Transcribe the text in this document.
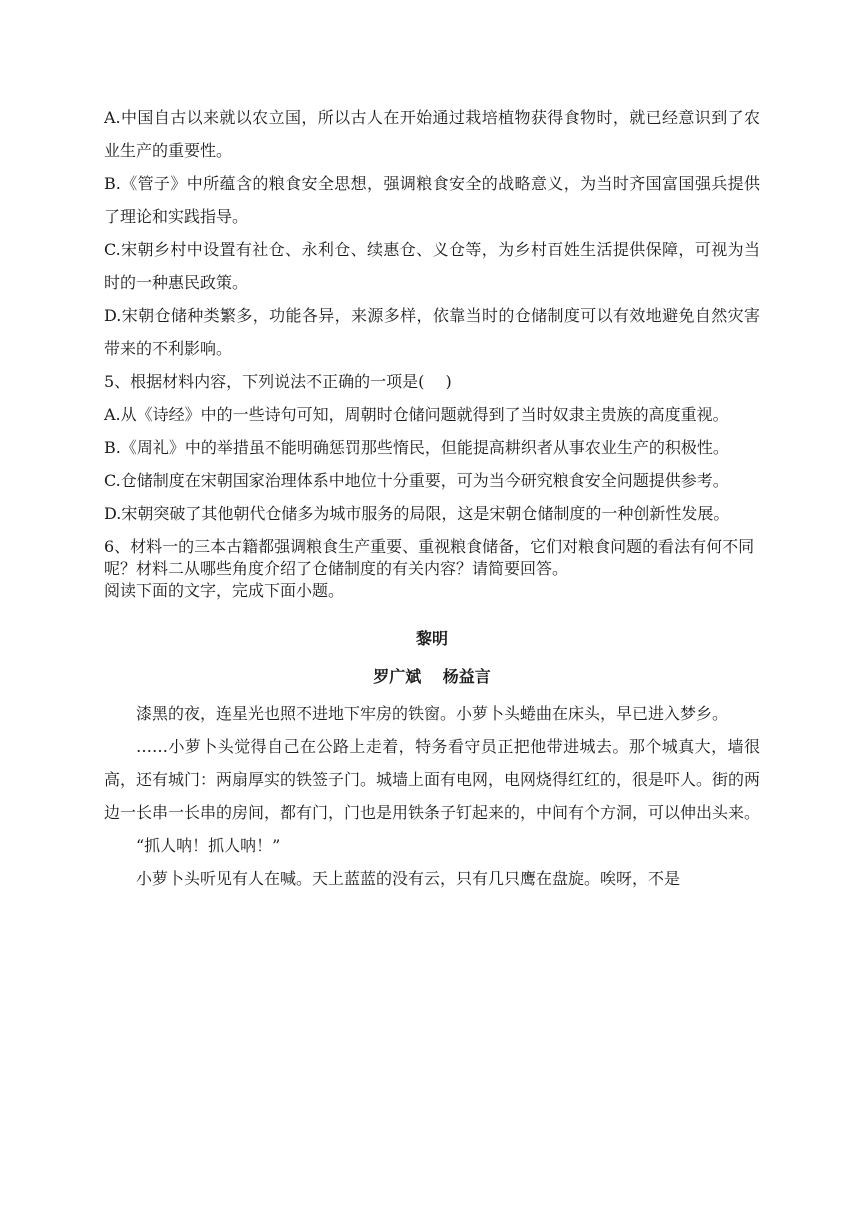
A.中国自古以来就以农立国，所以古人在开始通过栽培植物获得食物时，就已经意识到了农业生产的重要性。

B.《管子》中所蕴含的粮食安全思想，强调粮食安全的战略意义，为当时齐国富国强兵提供了理论和实践指导。

C.宋朝乡村中设置有社仓、永利仓、续惠仓、义仓等，为乡村百姓生活提供保障，可视为当时的一种惠民政策。

D.宋朝仓储种类繁多，功能各异，来源多样，依靠当时的仓储制度可以有效地避免自然灾害带来的不利影响。

5、根据材料内容，下列说法不正确的一项是(　 )

A.从《诗经》中的一些诗句可知，周朝时仓储问题就得到了当时奴隶主贵族的高度重视。

B.《周礼》中的举措虽不能明确惩罚那些惰民，但能提高耕织者从事农业生产的积极性。

C.仓储制度在宋朝国家治理体系中地位十分重要，可为当今研究粮食安全问题提供参考。

D.宋朝突破了其他朝代仓储多为城市服务的局限，这是宋朝仓储制度的一种创新性发展。

6、材料一的三本古籍都强调粮食生产重要、重视粮食储备，它们对粮食问题的看法有何不同呢？材料二从哪些角度介绍了仓储制度的有关内容？请简要回答。

阅读下面的文字，完成下面小题。

黎明
罗广斌　 杨益言

漆黑的夜，连星光也照不进地下牢房的铁窗。小萝卜头蜷曲在床头，早已进入梦乡。

……小萝卜头觉得自己在公路上走着，特务看守员正把他带进城去。那个城真大，墙很高，还有城门：两扇厚实的铁签子门。城墙上面有电网，电网烧得红红的，很是吓人。街的两边一长串一长串的房间，都有门，门也是用铁条子钉起来的，中间有个方洞，可以伸出头来。

“抓人呐！抓人呐！”

小萝卜头听见有人在喊。天上蓝蓝的没有云，只有几只鹰在盘旋。唉呀，不是
